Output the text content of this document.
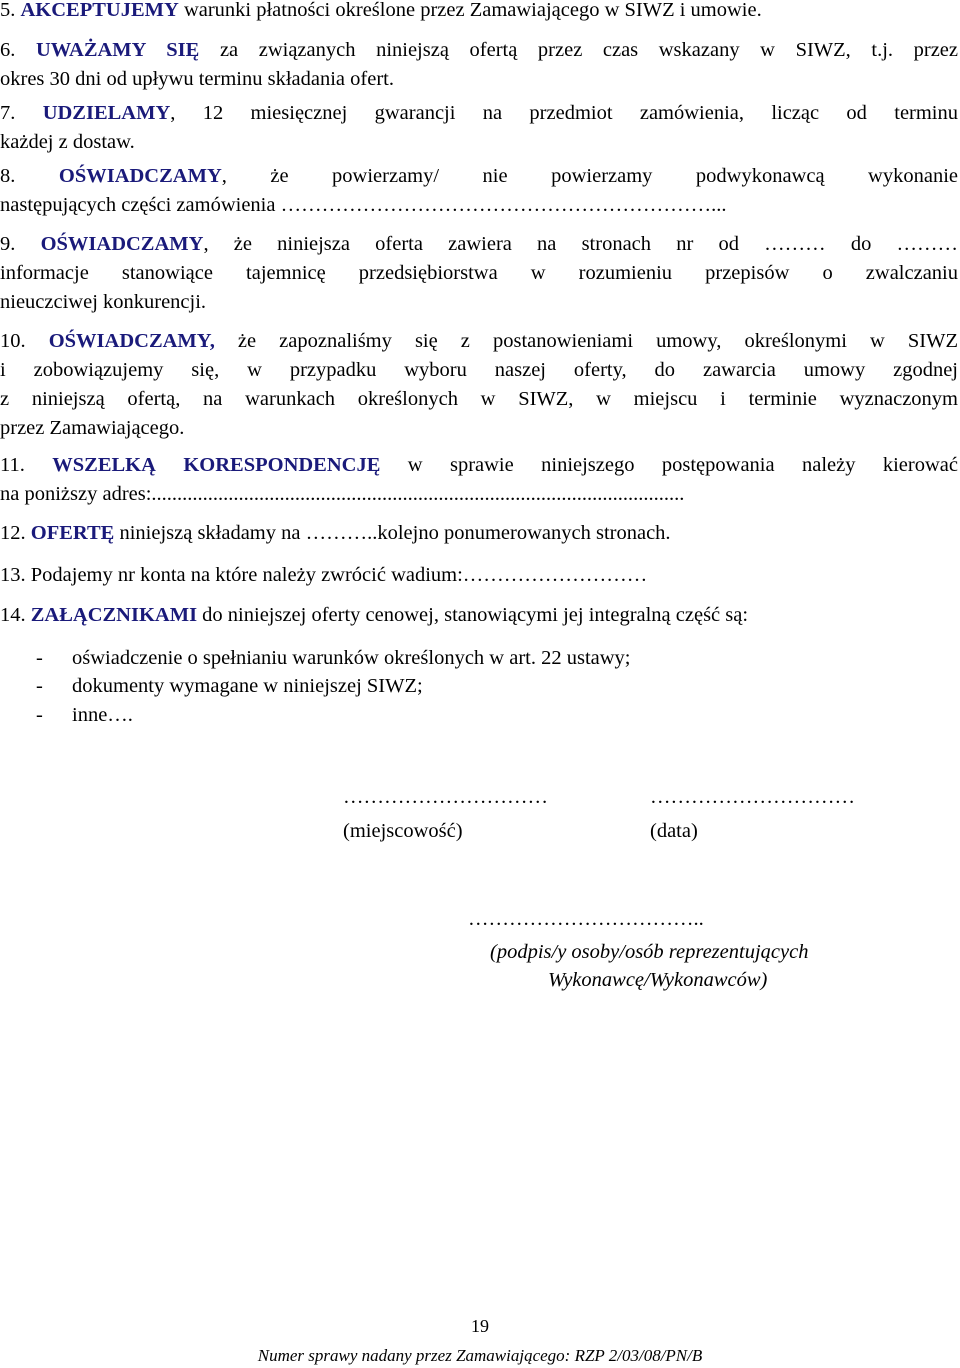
5. AKCEPTUJEMY warunki płatności określone przez Zamawiającego w SIWZ i umowie.
6. UWAŻAMY SIĘ za związanych niniejszą ofertą przez czas wskazany w SIWZ, t.j. przez
okres 30 dni od upływu terminu składania ofert.
7. UDZIELAMY, 12 miesięcznej gwarancji na przedmiot zamówienia, licząc od terminu
każdej z dostaw.
8. OŚWIADCZAMY, że powierzamy/ nie powierzamy podwykonawcą wykonanie
następujących części zamówienia ………………………………………………………...
9. OŚWIADCZAMY, że niniejsza oferta zawiera na stronach nr od ……… do ………
informacje stanowiące tajemnicę przedsiębiorstwa w rozumieniu przepisów o zwalczaniu
nieuczciwej konkurencji.
10. OŚWIADCZAMY, że zapoznaliśmy się z postanowieniami umowy, określonymi w SIWZ
i zobowiązujemy się, w przypadku wyboru naszej oferty, do zawarcia umowy zgodnej
z niniejszą ofertą, na warunkach określonych w SIWZ, w miejscu i terminie wyznaczonym
przez Zamawiającego.
11. WSZELKĄ KORESPONDENCJĘ w sprawie niniejszego postępowania należy kierować
na poniższy adres:........................................................................................................
12. OFERTĘ niniejszą składamy na ………..kolejno ponumerowanych stronach.
13. Podajemy nr konta na które należy zwrócić wadium:………………………
14. ZAŁĄCZNIKAMI do niniejszej oferty cenowej, stanowiącymi jej integralną część są:
- oświadczenie o spełnianiu warunków określonych w art. 22 ustawy;
- dokumenty wymagane w niniejszej SIWZ;
- inne….
…………………………	…………………………
(miejscowość)	(data)
……………………………..
(podpis/y osoby/osób reprezentujących
Wykonawcę/Wykonawców)
19
Numer sprawy nadany przez Zamawiającego: RZP 2/03/08/PN/B
